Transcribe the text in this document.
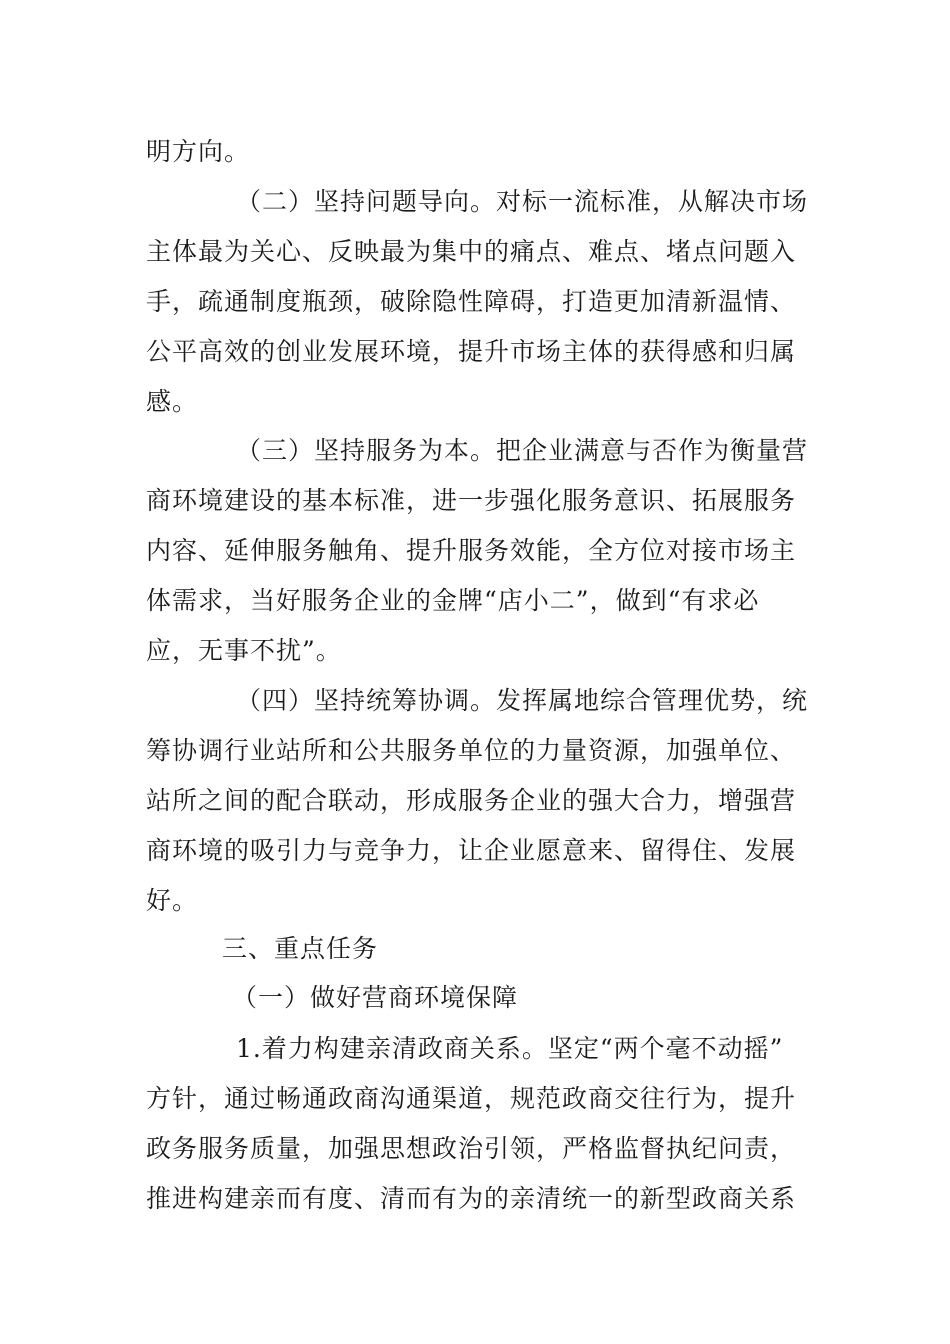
明方向。
（二）坚持问题导向。对标一流标准，从解决市场
主体最为关心、反映最为集中的痛点、难点、堵点问题入
手，疏通制度瓶颈，破除隐性障碍，打造更加清新温情、
公平高效的创业发展环境，提升市场主体的获得感和归属
感。
（三）坚持服务为本。把企业满意与否作为衡量营
商环境建设的基本标准，进一步强化服务意识、拓展服务
内容、延伸服务触角、提升服务效能，全方位对接市场主
体需求，当好服务企业的金牌“店小二”，做到“有求必
应，无事不扰”。
（四）坚持统筹协调。发挥属地综合管理优势，统
筹协调行业站所和公共服务单位的力量资源，加强单位、
站所之间的配合联动，形成服务企业的强大合力，增强营
商环境的吸引力与竞争力，让企业愿意来、留得住、发展
好。
三、重点任务
（一）做好营商环境保障
1.着力构建亲清政商关系。坚定“两个毫不动摇”
方针，通过畅通政商沟通渠道，规范政商交往行为，提升
政务服务质量，加强思想政治引领，严格监督执纪问责，
推进构建亲而有度、清而有为的亲清统一的新型政商关系
